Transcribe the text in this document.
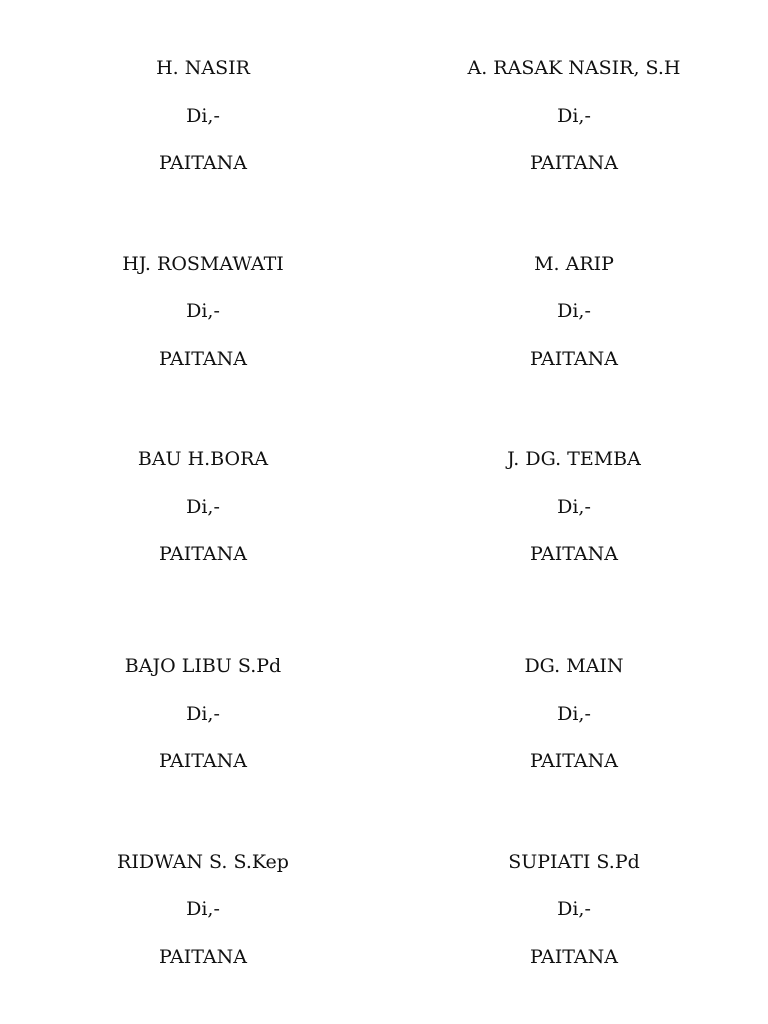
H. NASIR
Di,-
PAITANA
A. RASAK NASIR, S.H
Di,-
PAITANA
HJ. ROSMAWATI
Di,-
PAITANA
M. ARIP
Di,-
PAITANA
BAU H.BORA
Di,-
PAITANA
J. DG. TEMBA
Di,-
PAITANA
BAJO LIBU S.Pd
Di,-
PAITANA
DG. MAIN
Di,-
PAITANA
RIDWAN S. S.Kep
Di,-
PAITANA
SUPIATI S.Pd
Di,-
PAITANA
